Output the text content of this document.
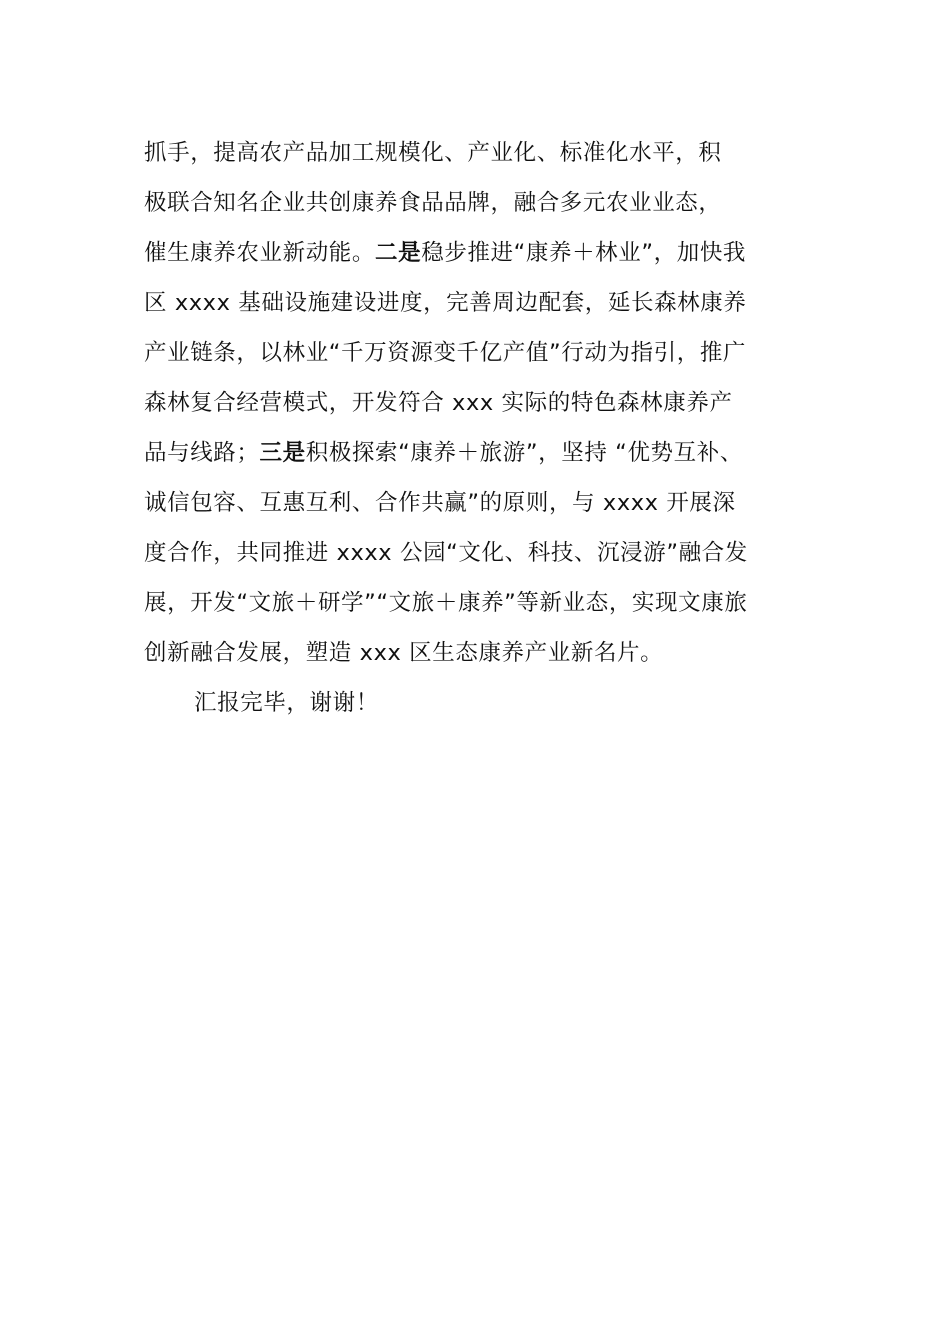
抓手，提高农产品加工规模化、产业化、标准化水平，积
极联合知名企业共创康养食品品牌，融合多元农业业态，
催生康养农业新动能。二是稳步推进“康养＋林业”，加快我
区 xxxx 基础设施建设进度，完善周边配套，延长森林康养
产业链条，以林业“千万资源变千亿产值”行动为指引，推广
森林复合经营模式，开发符合 xxx 实际的特色森林康养产
品与线路；三是积极探索“康养＋旅游”，坚持 “优势互补、
诚信包容、互惠互利、合作共赢”的原则，与 xxxx 开展深
度合作，共同推进 xxxx 公园“文化、科技、沉浸游”融合发
展，开发“文旅＋研学”“文旅＋康养”等新业态，实现文康旅
创新融合发展，塑造 xxx 区生态康养产业新名片。
汇报完毕，谢谢！
